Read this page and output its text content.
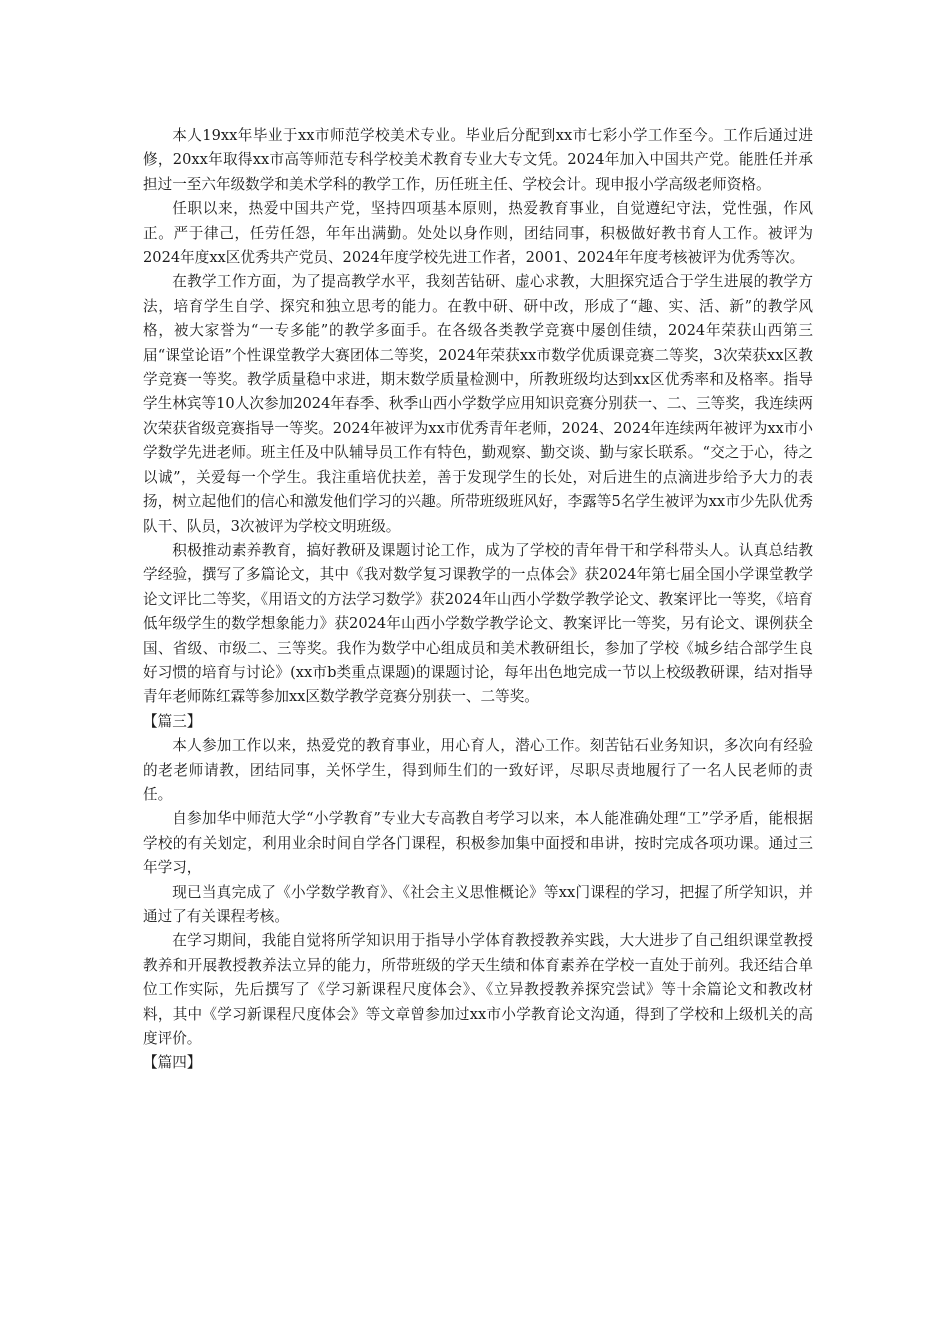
本人19xx年毕业于xx市师范学校美术专业。毕业后分配到xx市七彩小学工作至今。工作后通过进修，20xx年取得xx市高等师范专科学校美术教育专业大专文凭。2024年加入中国共产党。能胜任并承担过一至六年级数学和美术学科的教学工作，历任班主任、学校会计。现申报小学高级老师资格。

任职以来，热爱中国共产党，坚持四项基本原则，热爱教育事业，自觉遵纪守法，党性强，作风正。严于律己，任劳任怨，年年出满勤。处处以身作则，团结同事，积极做好教书育人工作。被评为2024年度xx区优秀共产党员、2024年度学校先进工作者，2001、2024年年度考核被评为优秀等次。

在教学工作方面，为了提高教学水平，我刻苦钻研、虚心求教，大胆探究适合于学生进展的教学方法，培育学生自学、探究和独立思考的能力。在教中研、研中改，形成了“趣、实、活、新”的教学风格，被大家誉为“一专多能”的教学多面手。在各级各类教学竞赛中屡创佳绩，2024年荣获山西第三届“课堂论语”个性课堂教学大赛团体二等奖，2024年荣获xx市数学优质课竞赛二等奖，3次荣获xx区教学竞赛一等奖。教学质量稳中求进，期末数学质量检测中，所教班级均达到xx区优秀率和及格率。指导学生林宾等10人次参加2024年春季、秋季山西小学数学应用知识竞赛分别获一、二、三等奖，我连续两次荣获省级竞赛指导一等奖。2024年被评为xx市优秀青年老师，2024、2024年连续两年被评为xx市小学数学先进老师。班主任及中队辅导员工作有特色，勤观察、勤交谈、勤与家长联系。“交之于心，待之以诚”，关爱每一个学生。我注重培优扶差，善于发现学生的长处，对后进生的点滴进步给予大力的表扬，树立起他们的信心和激发他们学习的兴趣。所带班级班风好，李露等5名学生被评为xx市少先队优秀队干、队员，3次被评为学校文明班级。

积极推动素养教育，搞好教研及课题讨论工作，成为了学校的青年骨干和学科带头人。认真总结教学经验，撰写了多篇论文，其中《我对数学复习课教学的一点体会》获2024年第七届全国小学课堂教学论文评比二等奖，《用语文的方法学习数学》获2024年山西小学数学教学论文、教案评比一等奖，《培育低年级学生的数学想象能力》获2024年山西小学数学教学论文、教案评比一等奖，另有论文、课例获全国、省级、市级二、三等奖。我作为数学中心组成员和美术教研组长，参加了学校《城乡结合部学生良好习惯的培育与讨论》(xx市b类重点课题)的课题讨论，每年出色地完成一节以上校级教研课，结对指导青年老师陈红霖等参加xx区数学教学竞赛分别获一、二等奖。

【篇三】

本人参加工作以来，热爱党的教育事业，用心育人，潜心工作。刻苦钻石业务知识，多次向有经验的老老师请教，团结同事，关怀学生，得到师生们的一致好评，尽职尽责地履行了一名人民老师的责任。

自参加华中师范大学“小学教育”专业大专高教自考学习以来，本人能准确处理“工”学矛盾，能根据学校的有关划定，利用业余时间自学各门课程，积极参加集中面授和串讲，按时完成各项功课。通过三年学习，

现已当真完成了《小学数学教育》、《社会主义思惟概论》等xx门课程的学习，把握了所学知识，并通过了有关课程考核。

在学习期间，我能自觉将所学知识用于指导小学体育教授教养实践，大大进步了自己组织课堂教授教养和开展教授教养法立异的能力，所带班级的学天生绩和体育素养在学校一直处于前列。我还结合单位工作实际，先后撰写了《学习新课程尺度体会》、《立异教授教养探究尝试》等十余篇论文和教改材料，其中《学习新课程尺度体会》等文章曾参加过xx市小学教育论文沟通，得到了学校和上级机关的高度评价。

【篇四】
